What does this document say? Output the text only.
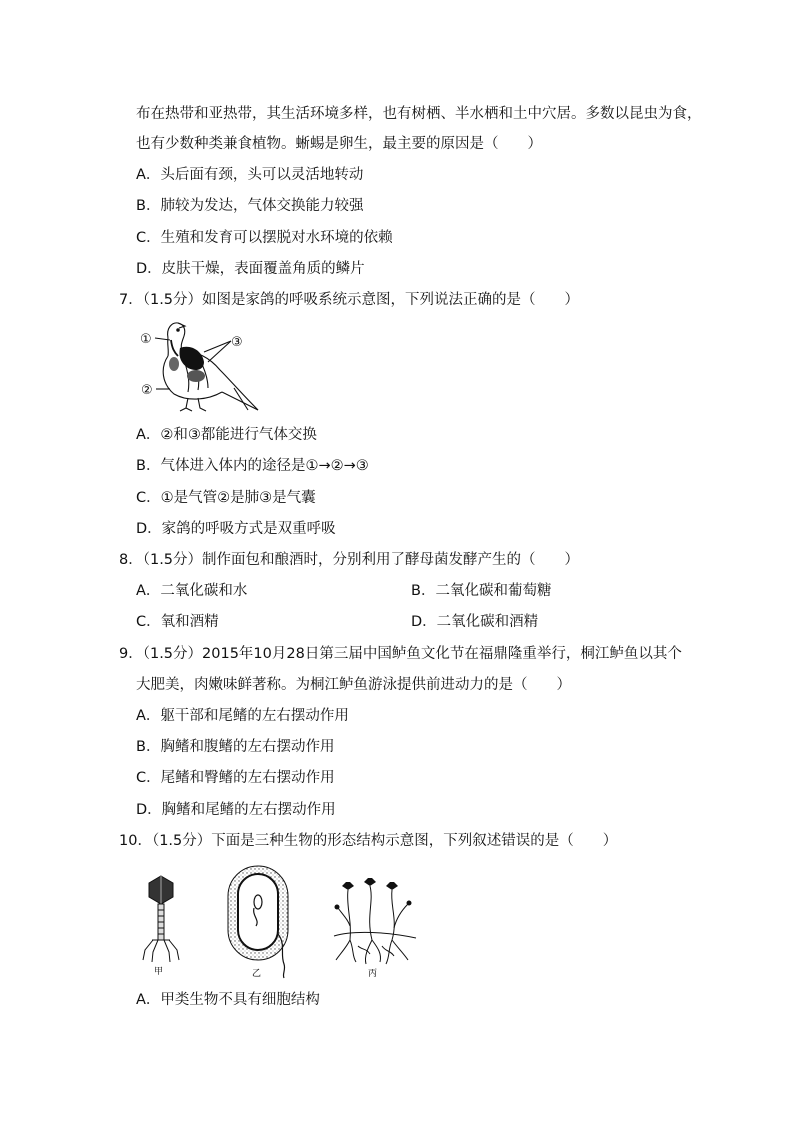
布在热带和亚热带，其生活环境多样，也有树栖、半水栖和土中穴居。多数以昆虫为食，
也有少数种类兼食植物。蜥蜴是卵生，最主要的原因是（　　）
A．头后面有颈，头可以灵活地转动
B．肺较为发达，气体交换能力较强
C．生殖和发育可以摆脱对水环境的依赖
D．皮肤干燥，表面覆盖角质的鳞片
7．（1.5分）如图是家鸽的呼吸系统示意图，下列说法正确的是（　　）
①
②
③
A．②和③都能进行气体交换
B．气体进入体内的途径是①→②→③
C．①是气管②是肺③是气囊
D．家鸽的呼吸方式是双重呼吸
8．（1.5分）制作面包和酿酒时，分别利用了酵母菌发酵产生的（　　）
A．二氧化碳和水	B．二氧化碳和葡萄糖
C．氧和酒精	D．二氧化碳和酒精
9．（1.5分）2015年10月28日第三届中国鲈鱼文化节在福鼎隆重举行，桐江鲈鱼以其个
大肥美，肉嫩味鲜著称。为桐江鲈鱼游泳提供前进动力的是（　　）
A．躯干部和尾鳍的左右摆动作用
B．胸鳍和腹鳍的左右摆动作用
C．尾鳍和臀鳍的左右摆动作用
D．胸鳍和尾鳍的左右摆动作用
10．（1.5分）下面是三种生物的形态结构示意图，下列叙述错误的是（　　）
甲	乙	丙
A．甲类生物不具有细胞结构
